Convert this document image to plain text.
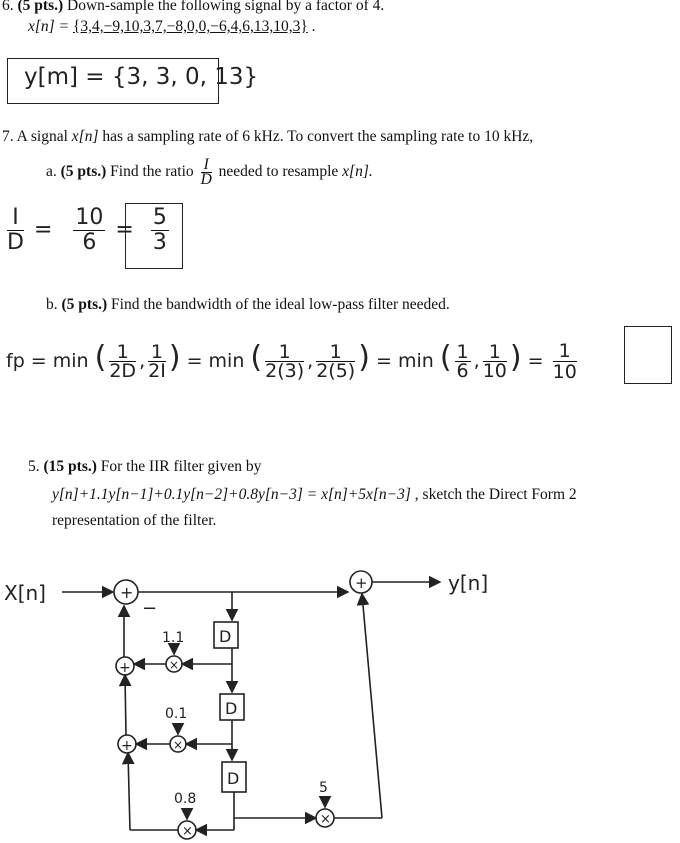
6. (5 pts.) Down-sample the following signal by a factor of 4.
x[n] = {3,4,−9,10,3,7,−8,0,0,−6,4,6,13,10,3} .
y[m] = {3, 3, 0, 13}
7. A signal x[n] has a sampling rate of 6 kHz. To convert the sampling rate to 10 kHz,
a. (5 pts.) Find the ratio $\frac{I}{D}$ needed to resample x[n].
$\frac{I}{D} = \frac{10}{6} = \frac{5}{3}$
b. (5 pts.) Find the bandwidth of the ideal low-pass filter needed.
fp = min ( $\frac{1}{2D}$ , $\frac{1}{2I}$ ) = min ( $\frac{1}{2(3)}$ , $\frac{1}{2(5)}$ ) = min ( $\frac{1}{6}$ , $\frac{1}{10}$ ) = $\frac{1}{10}$
5. (15 pts.) For the IIR filter given by
y[n]+1.1y[n−1]+0.1y[n−2]+0.8y[n−3] = x[n]+5x[n−3] , sketch the Direct Form 2
representation of the filter.
X[n]	y[n]
−
+	+
+
+
×
×
×
×
D
D
D
1.1
0.1
0.8
5
